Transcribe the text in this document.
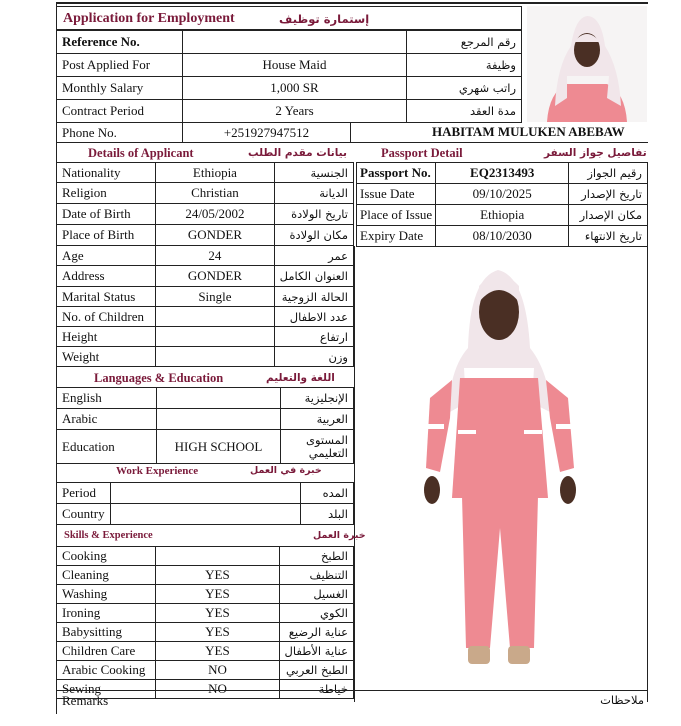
Application for Employment	إستمارة توظيف
Reference No.		رقم المرجع
Post Applied For	House Maid	وظيفة
Monthly Salary	1,000 SR	راتب شهري
Contract Period	2 Years	مدة العقد
Phone No.	+251927947512	HABITAM MULUKEN ABEBAW
Details of Applicant	بيانات مقدم الطلب
Nationality	Ethiopia	الجنسية
Religion	Christian	الديانة
Date of Birth	24/05/2002	تاريخ الولادة
Place of Birth	GONDER	مكان الولادة
Age	24	عمر
Address	GONDER	العنوان الكامل
Marital Status	Single	الحالة الزوجية
No. of Children		عدد الاطفال
Height		ارتفاع
Weight		وزن
Passport Detail	تفاصيل جواز السفر
Passport No.	EQ2313493	رقيم الجواز
Issue Date	09/10/2025	تاريخ الإصدار
Place of Issue	Ethiopia	مكان الإصدار
Expiry Date	08/10/2030	تاريخ الانتهاء
Languages & Education	اللغة والتعليم
English		الإنجليزية
Arabic		العربية
Education	HIGH SCHOOL	المستوى
التعليمي
Work Experience	خبرة في العمل
Period		المده
Country		البلد
Skills & Experience	خبرة العمل
Cooking		الطبخ
Cleaning	YES	التنظيف
Washing	YES	الغسيل
Ironing	YES	الكوي
Babysitting	YES	عناية الرضيع
Children Care	YES	عناية الأطفال
Arabic Cooking	NO	الطبخ العربي
Sewing	NO	خياطة
Remarks	ملاحظات
